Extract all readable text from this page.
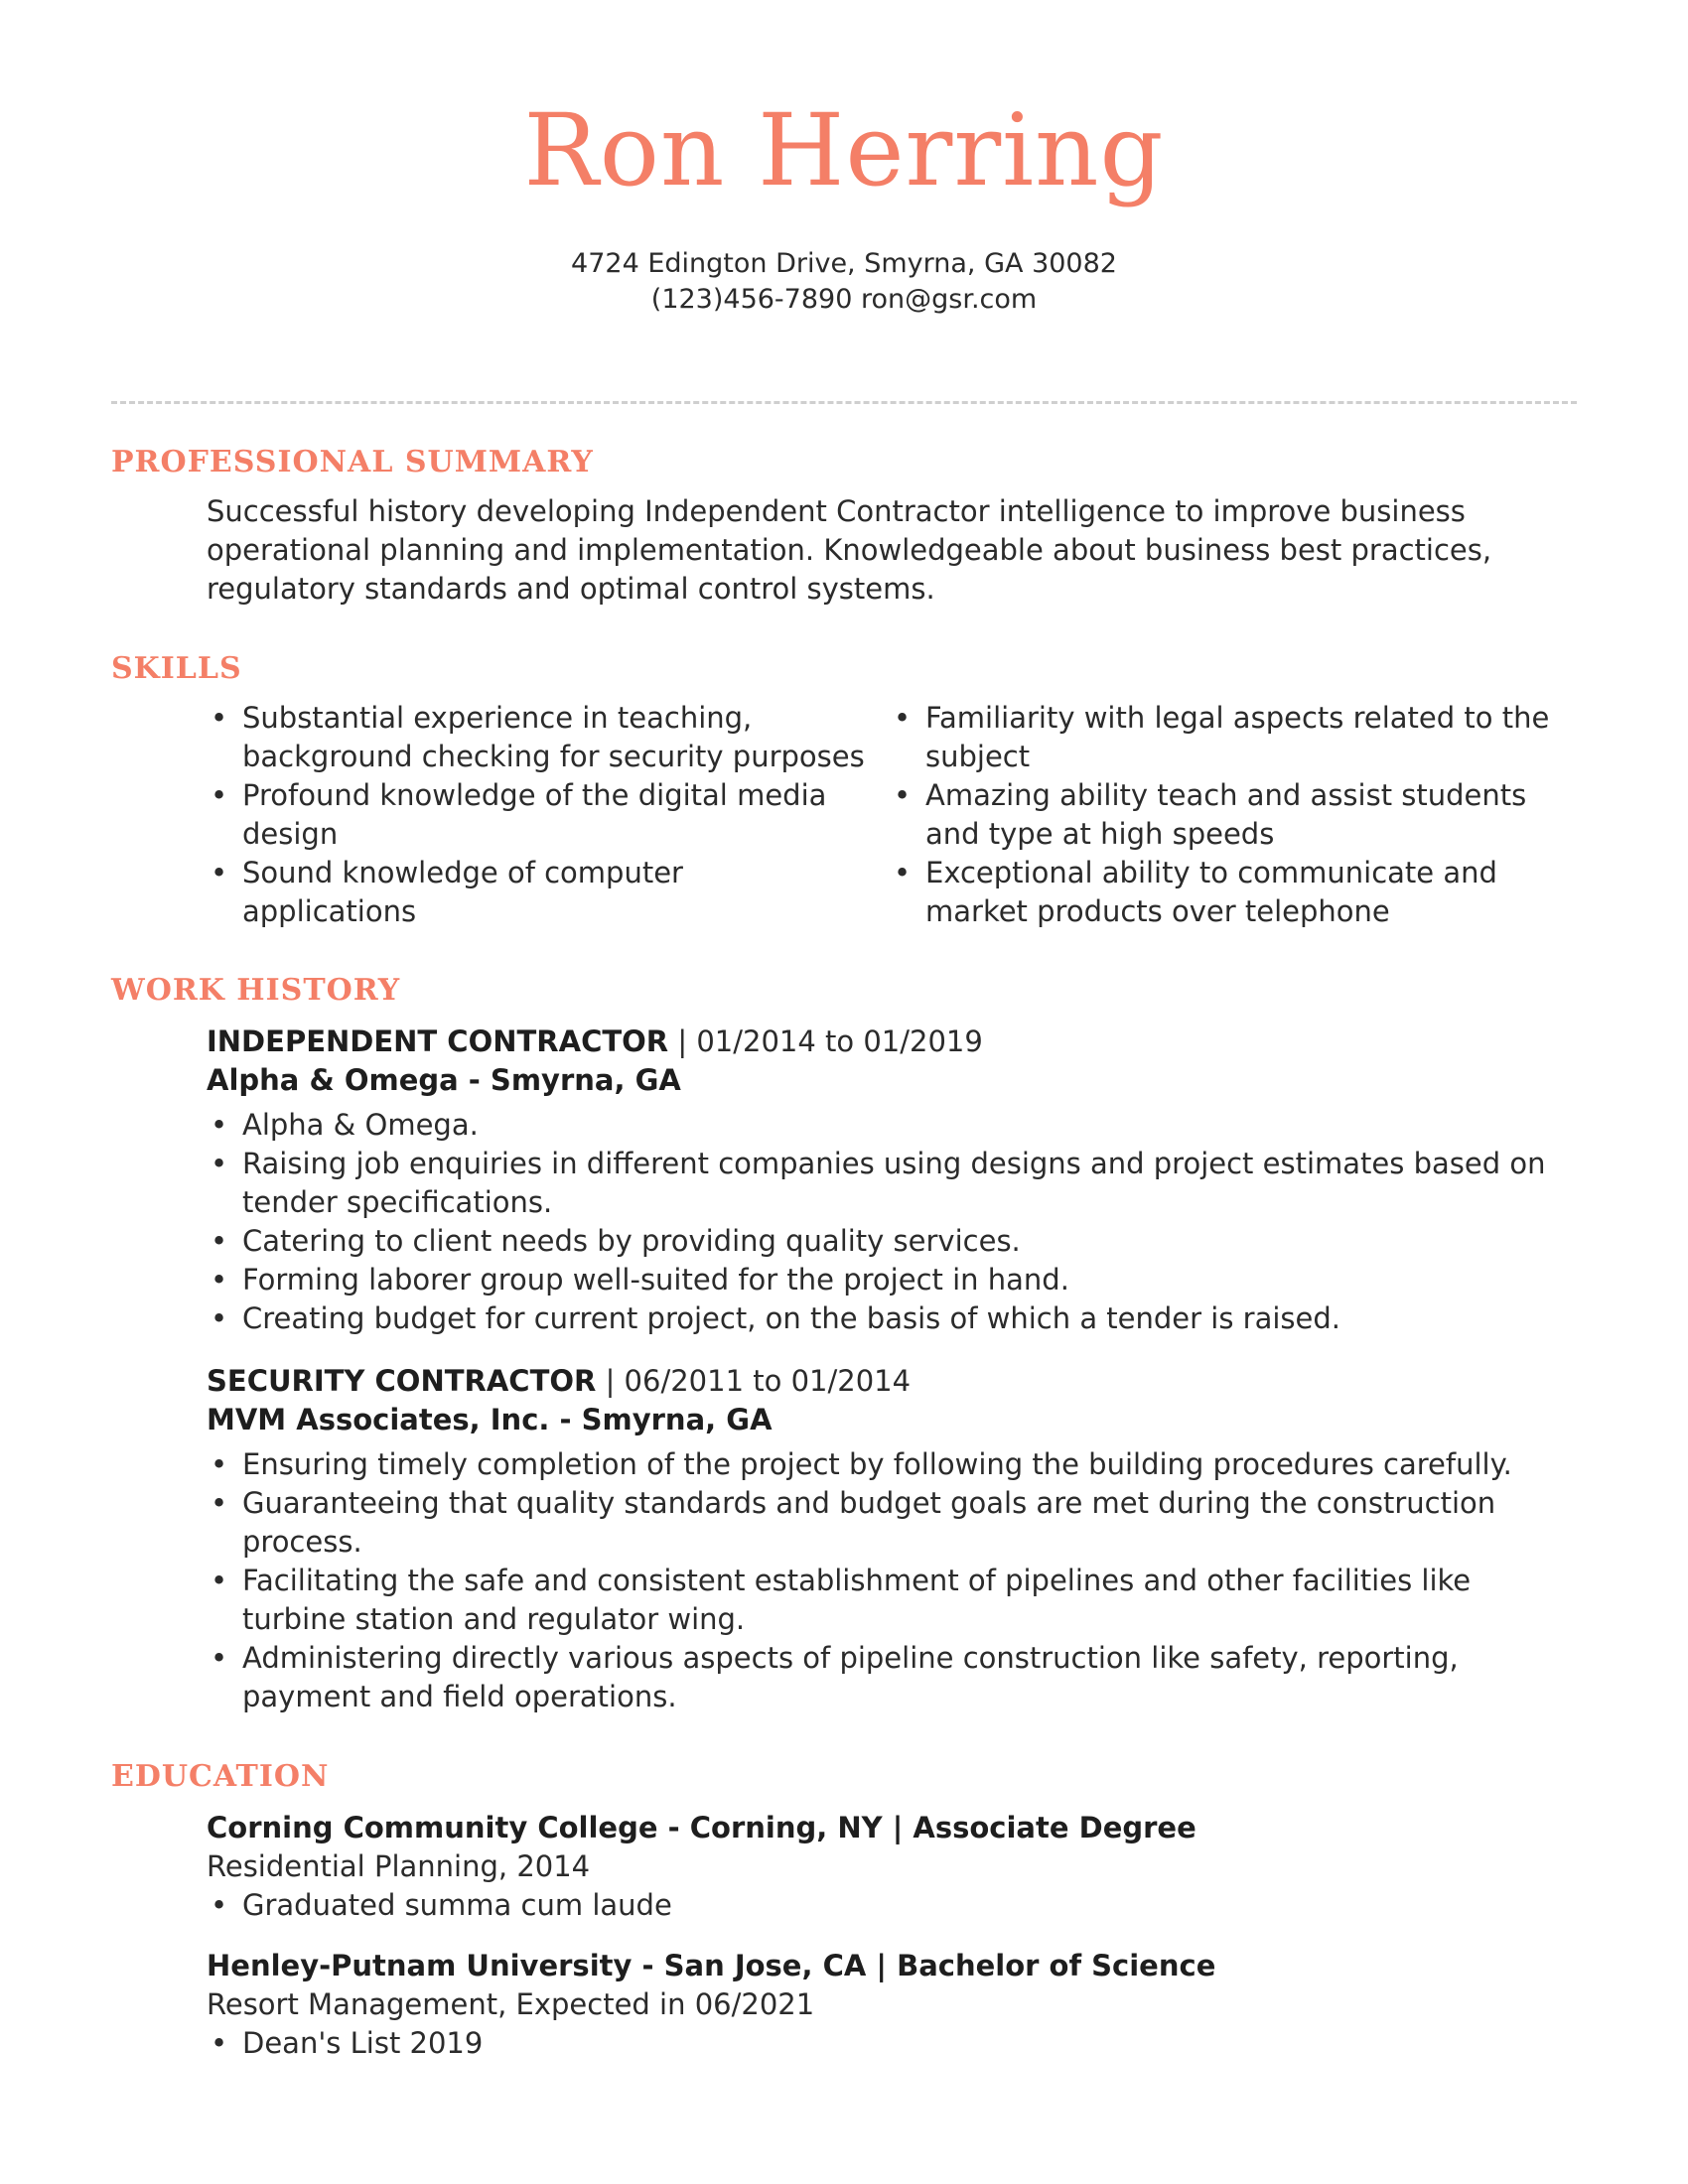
Ron Herring
4724 Edington Drive, Smyrna, GA 30082
(123)456-7890 ron@gsr.com
PROFESSIONAL SUMMARY
Successful history developing Independent Contractor intelligence to improve business operational planning and implementation. Knowledgeable about business best practices, regulatory standards and optimal control systems.
SKILLS
• Substantial experience in teaching, background checking for security purposes
• Profound knowledge of the digital media design
• Sound knowledge of computer applications
• Familiarity with legal aspects related to the subject
• Amazing ability teach and assist students and type at high speeds
• Exceptional ability to communicate and market products over telephone
WORK HISTORY
INDEPENDENT CONTRACTOR | 01/2014 to 01/2019
Alpha & Omega - Smyrna, GA
• Alpha & Omega.
• Raising job enquiries in different companies using designs and project estimates based on tender specifications.
• Catering to client needs by providing quality services.
• Forming laborer group well-suited for the project in hand.
• Creating budget for current project, on the basis of which a tender is raised.
SECURITY CONTRACTOR | 06/2011 to 01/2014
MVM Associates, Inc. - Smyrna, GA
• Ensuring timely completion of the project by following the building procedures carefully.
• Guaranteeing that quality standards and budget goals are met during the construction process.
• Facilitating the safe and consistent establishment of pipelines and other facilities like turbine station and regulator wing.
• Administering directly various aspects of pipeline construction like safety, reporting, payment and field operations.
EDUCATION
Corning Community College - Corning, NY | Associate Degree
Residential Planning, 2014
• Graduated summa cum laude
Henley-Putnam University - San Jose, CA | Bachelor of Science
Resort Management, Expected in 06/2021
• Dean's List 2019
